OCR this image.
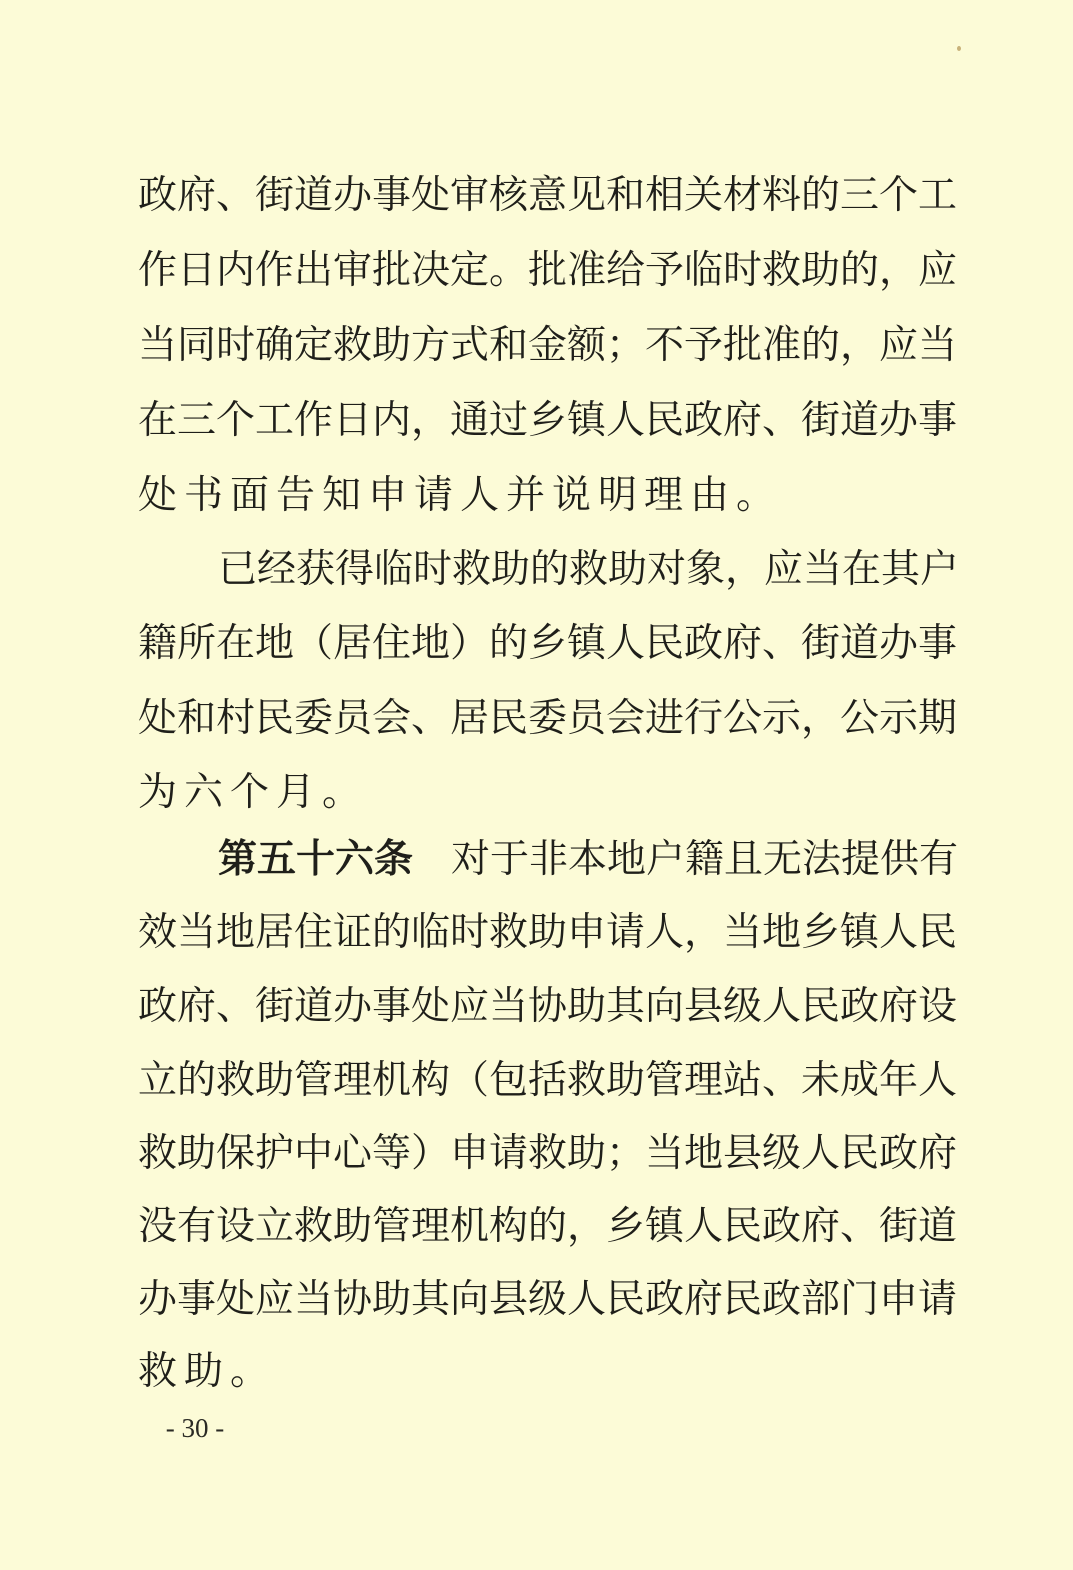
政府、街道办事处审核意见和相关材料的三个工
作日内作出审批决定。批准给予临时救助的，应
当同时确定救助方式和金额；不予批准的，应当
在三个工作日内，通过乡镇人民政府、街道办事
处书面告知申请人并说明理由。
已经获得临时救助的救助对象，应当在其户
籍所在地（居住地）的乡镇人民政府、街道办事
处和村民委员会、居民委员会进行公示，公示期
为六个月。
第五十六条 对于非本地户籍且无法提供有
效当地居住证的临时救助申请人，当地乡镇人民
政府、街道办事处应当协助其向县级人民政府设
立的救助管理机构（包括救助管理站、未成年人
救助保护中心等）申请救助；当地县级人民政府
没有设立救助管理机构的，乡镇人民政府、街道
办事处应当协助其向县级人民政府民政部门申请
救助。
- 30 -
